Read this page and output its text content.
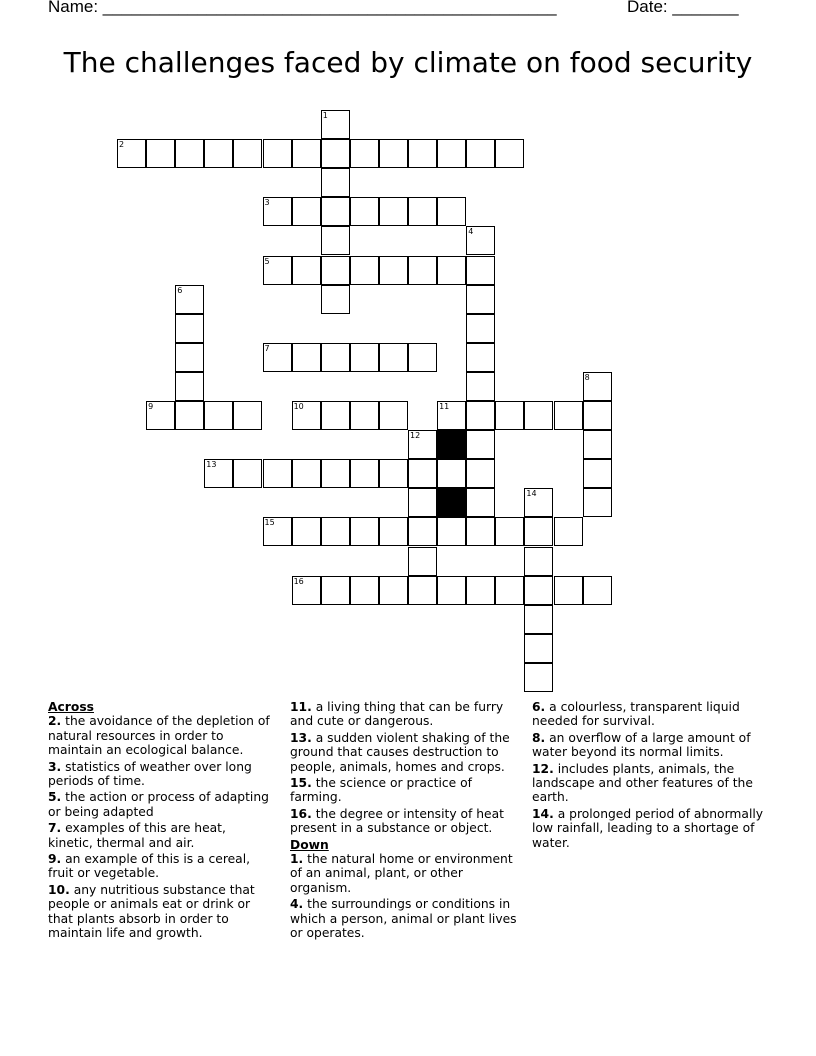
Name: ________________________________________________	Date: _______
The challenges faced by climate on food security
1
2
3
4
5
6
7
8
9	10	11
12
13
14
15
16
Across
2. the avoidance of the depletion of natural resources in order to maintain an ecological balance.
3. statistics of weather over long periods of time.
5. the action or process of adapting or being adapted
7. examples of this are heat, kinetic, thermal and air.
9. an example of this is a cereal, fruit or vegetable.
10. any nutritious substance that people or animals eat or drink or that plants absorb in order to maintain life and growth.
11. a living thing that can be furry and cute or dangerous.
13. a sudden violent shaking of the ground that causes destruction to people, animals, homes and crops.
15. the science or practice of farming.
16. the degree or intensity of heat present in a substance or object.
Down
1. the natural home or environment of an animal, plant, or other organism.
4. the surroundings or conditions in which a person, animal or plant lives or operates.
6. a colourless, transparent liquid needed for survival.
8. an overflow of a large amount of water beyond its normal limits.
12. includes plants, animals, the landscape and other features of the earth.
14. a prolonged period of abnormally low rainfall, leading to a shortage of water.
